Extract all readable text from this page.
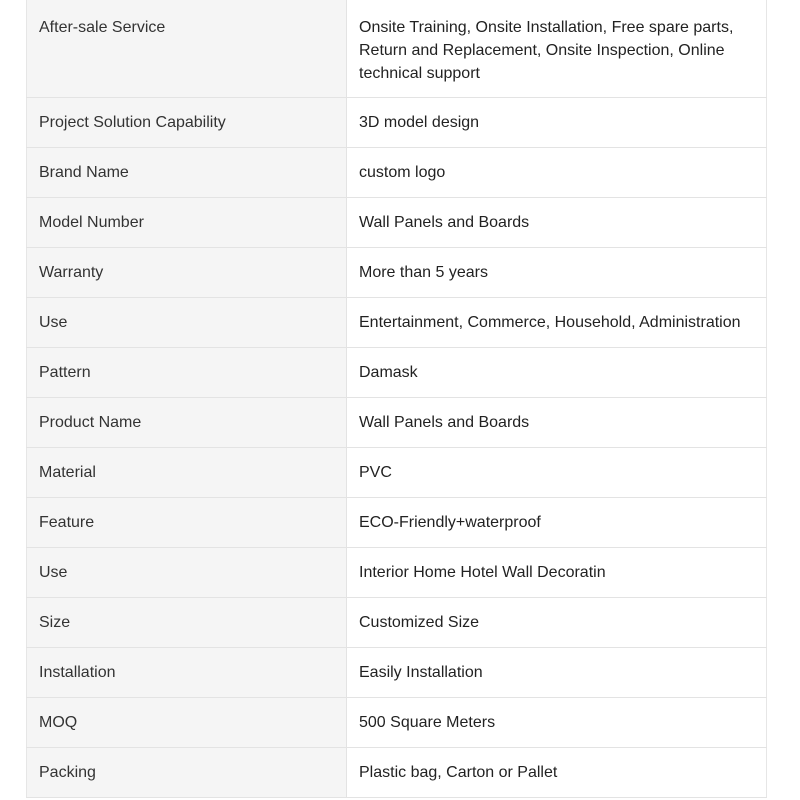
After-sale Service	Onsite Training, Onsite Installation, Free spare parts, Return and Replacement, Onsite Inspection, Online technical support
Project Solution Capability	3D model design
Brand Name	custom logo
Model Number	Wall Panels and Boards
Warranty	More than 5 years
Use	Entertainment, Commerce, Household, Administration
Pattern	Damask
Product Name	Wall Panels and Boards
Material	PVC
Feature	ECO-Friendly+waterproof
Use	Interior Home Hotel Wall Decoratin
Size	Customized Size
Installation	Easily Installation
MOQ	500 Square Meters
Packing	Plastic bag, Carton or Pallet
